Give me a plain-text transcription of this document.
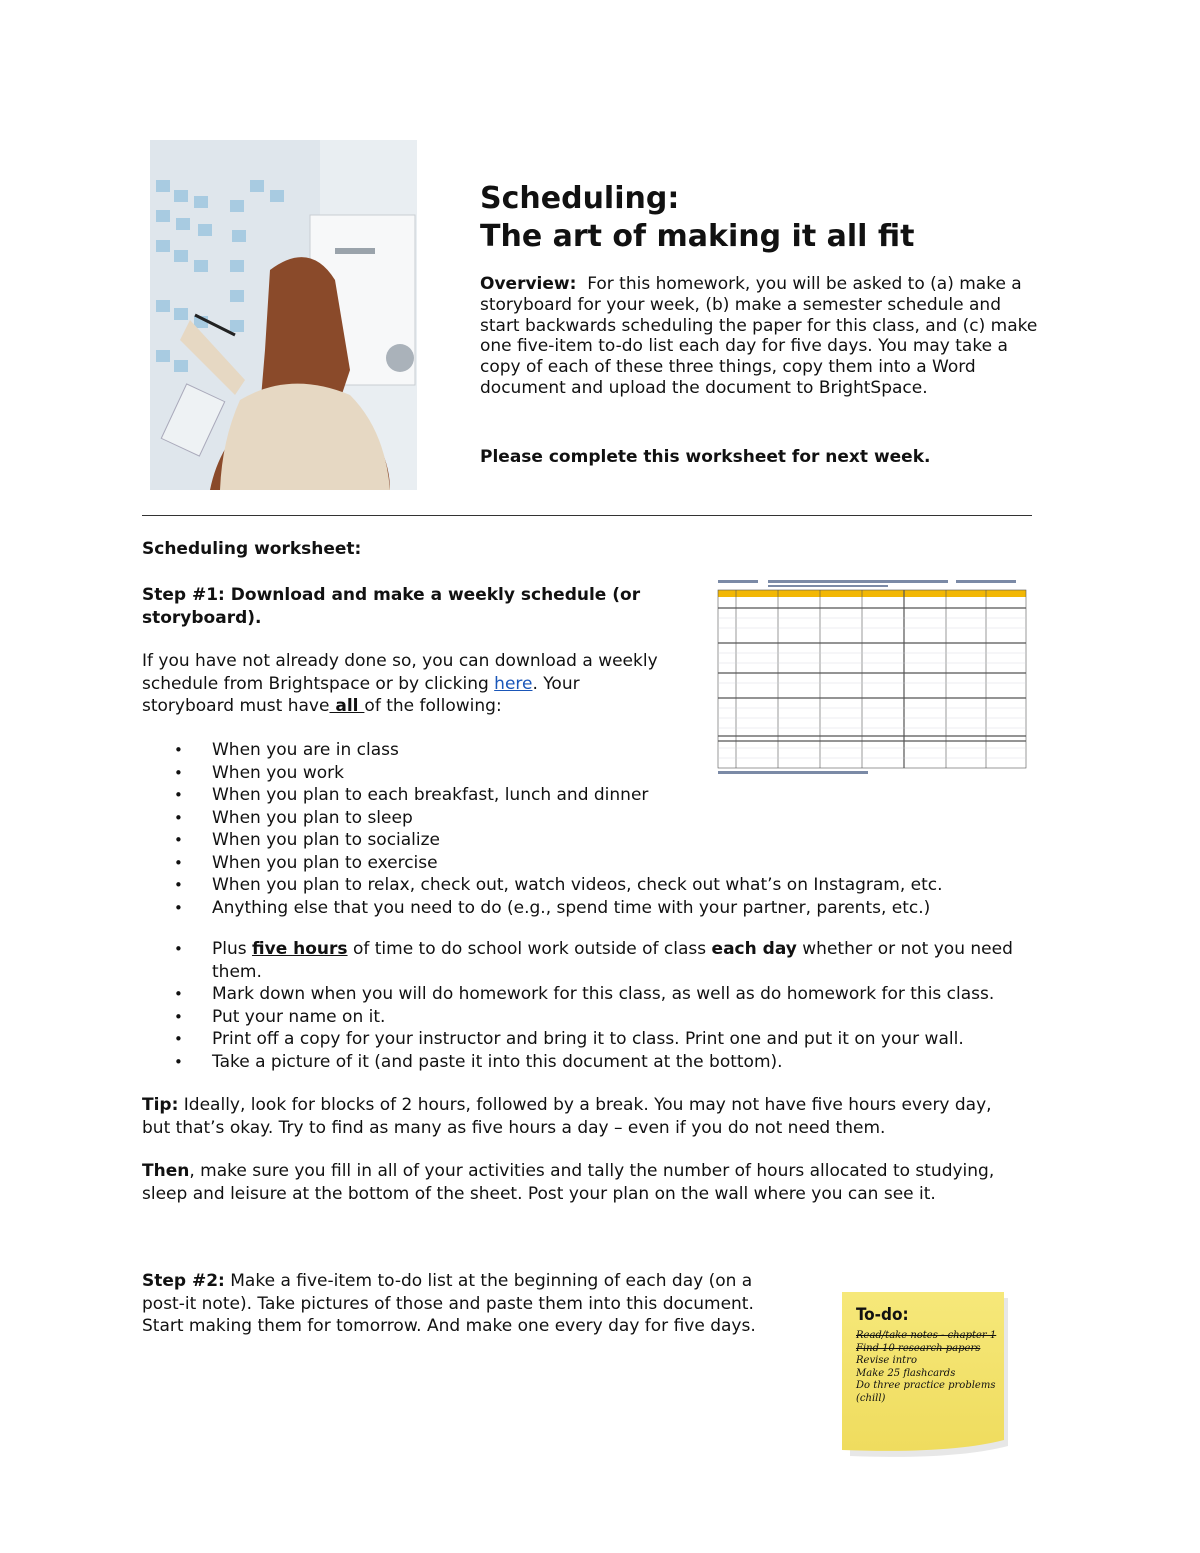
Scheduling:
The art of making it all fit
Overview: For this homework, you will be asked to (a) make a storyboard for your week, (b) make a semester schedule and start backwards scheduling the paper for this class, and (c) make one five-item to-do list each day for five days. You may take a copy of each of these three things, copy them into a Word document and upload the document to BrightSpace.
Please complete this worksheet for next week.
Scheduling worksheet:
Step #1: Download and make a weekly schedule (or
storyboard).
If you have not already done so, you can download a weekly
schedule from Brightspace or by clicking here. Your
storyboard must have all of the following:
• When you are in class
• When you work
• When you plan to each breakfast, lunch and dinner
• When you plan to sleep
• When you plan to socialize
• When you plan to exercise
• When you plan to relax, check out, watch videos, check out what’s on Instagram, etc.
• Anything else that you need to do (e.g., spend time with your partner, parents, etc.)
• Plus five hours of time to do school work outside of class each day whether or not you need
them.
• Mark down when you will do homework for this class, as well as do homework for this class.
• Put your name on it.
• Print off a copy for your instructor and bring it to class. Print one and put it on your wall.
• Take a picture of it (and paste it into this document at the bottom).
Tip: Ideally, look for blocks of 2 hours, followed by a break. You may not have five hours every day,
but that’s okay. Try to find as many as five hours a day – even if you do not need them.
Then, make sure you fill in all of your activities and tally the number of hours allocated to studying,
sleep and leisure at the bottom of the sheet. Post your plan on the wall where you can see it.
Step #2: Make a five-item to-do list at the beginning of each day (on a
post-it note). Take pictures of those and paste them into this document.
Start making them for tomorrow. And make one every day for five days.
To-do:
Read/take notes - chapter 1
Find 10 research papers
Revise intro
Make 25 flashcards
Do three practice problems
(chill)
